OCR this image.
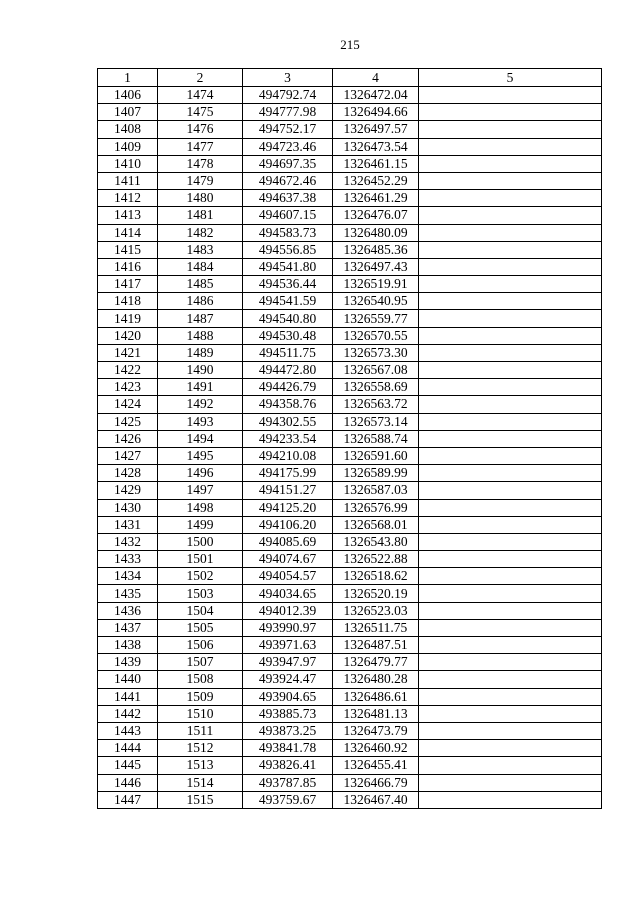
215
1	2	3	4	5
1406	1474	494792.74	1326472.04	
1407	1475	494777.98	1326494.66	
1408	1476	494752.17	1326497.57	
1409	1477	494723.46	1326473.54	
1410	1478	494697.35	1326461.15	
1411	1479	494672.46	1326452.29	
1412	1480	494637.38	1326461.29	
1413	1481	494607.15	1326476.07	
1414	1482	494583.73	1326480.09	
1415	1483	494556.85	1326485.36	
1416	1484	494541.80	1326497.43	
1417	1485	494536.44	1326519.91	
1418	1486	494541.59	1326540.95	
1419	1487	494540.80	1326559.77	
1420	1488	494530.48	1326570.55	
1421	1489	494511.75	1326573.30	
1422	1490	494472.80	1326567.08	
1423	1491	494426.79	1326558.69	
1424	1492	494358.76	1326563.72	
1425	1493	494302.55	1326573.14	
1426	1494	494233.54	1326588.74	
1427	1495	494210.08	1326591.60	
1428	1496	494175.99	1326589.99	
1429	1497	494151.27	1326587.03	
1430	1498	494125.20	1326576.99	
1431	1499	494106.20	1326568.01	
1432	1500	494085.69	1326543.80	
1433	1501	494074.67	1326522.88	
1434	1502	494054.57	1326518.62	
1435	1503	494034.65	1326520.19	
1436	1504	494012.39	1326523.03	
1437	1505	493990.97	1326511.75	
1438	1506	493971.63	1326487.51	
1439	1507	493947.97	1326479.77	
1440	1508	493924.47	1326480.28	
1441	1509	493904.65	1326486.61	
1442	1510	493885.73	1326481.13	
1443	1511	493873.25	1326473.79	
1444	1512	493841.78	1326460.92	
1445	1513	493826.41	1326455.41	
1446	1514	493787.85	1326466.79	
1447	1515	493759.67	1326467.40	
